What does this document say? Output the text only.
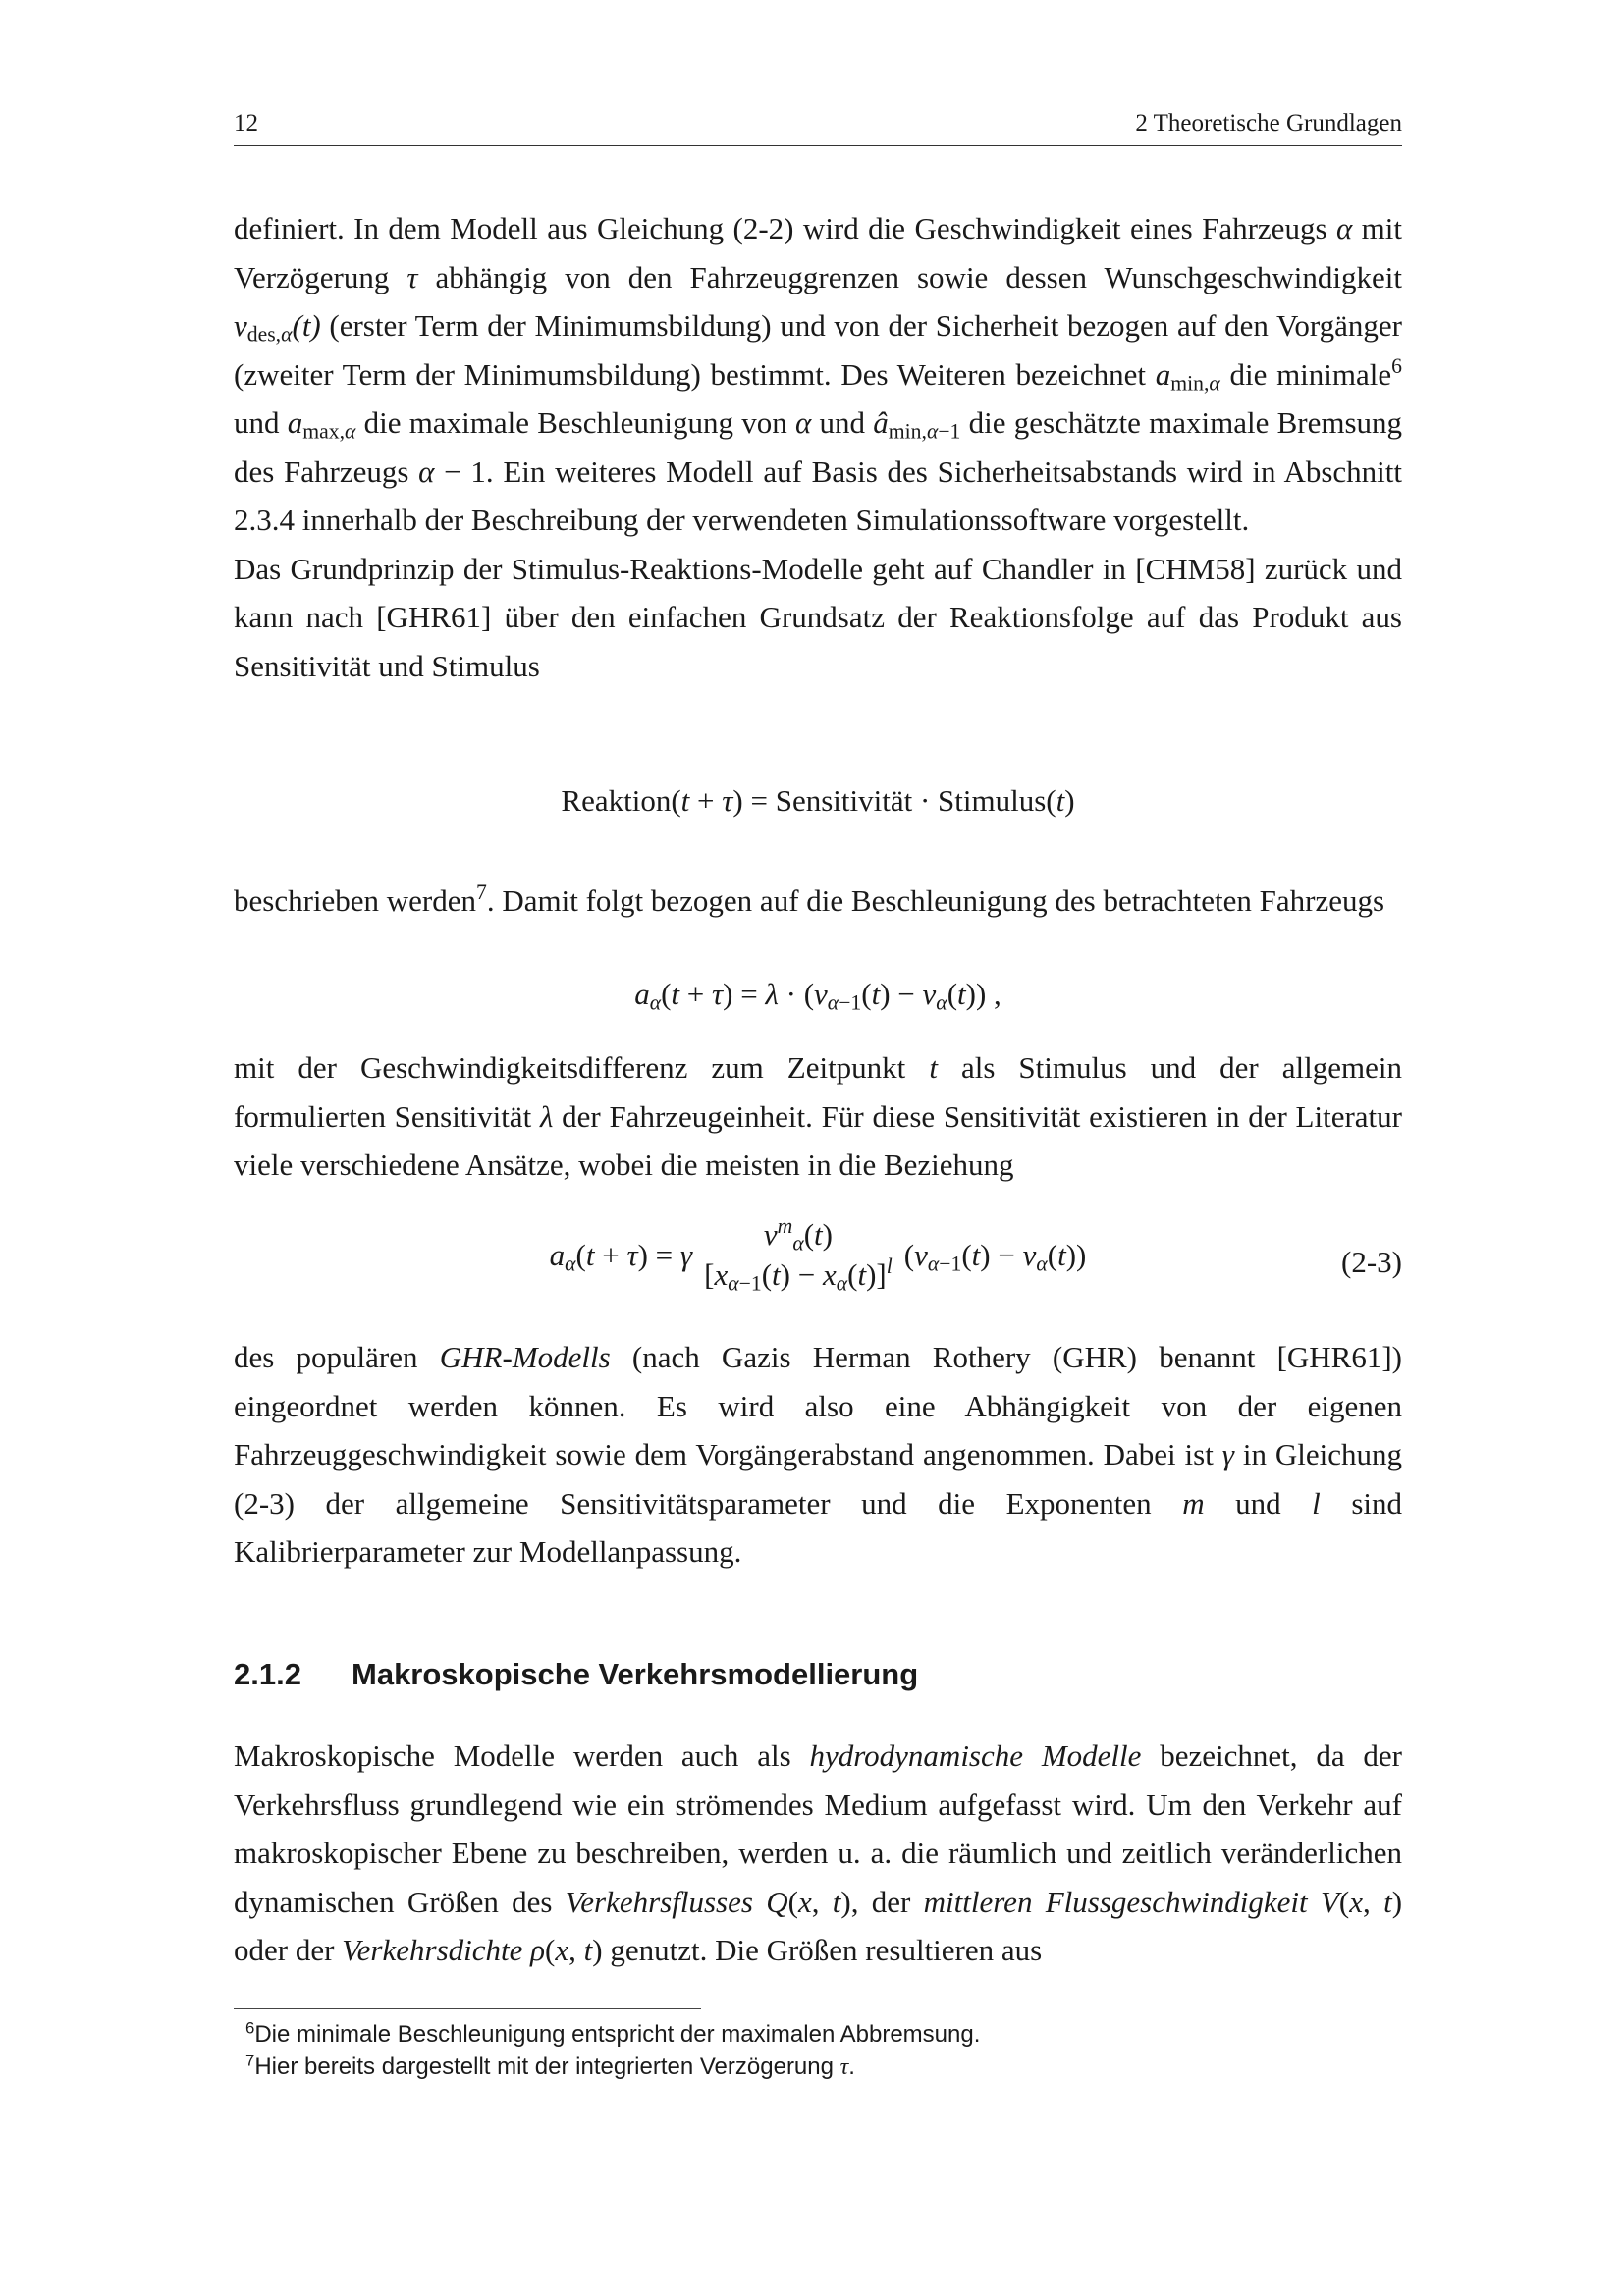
12	2 Theoretische Grundlagen

definiert. In dem Modell aus Gleichung (2-2) wird die Geschwindigkeit eines Fahrzeugs α mit Verzögerung τ abhängig von den Fahrzeuggrenzen sowie dessen Wunschgeschwindigkeit $v_{des,\alpha}(t)$ (erster Term der Minimumsbildung) und von der Sicherheit bezogen auf den Vorgänger (zweiter Term der Minimumsbildung) bestimmt. Des Weiteren bezeichnet $a_{min,\alpha}$ die minimale$^6$ und $a_{max,\alpha}$ die maximale Beschleunigung von α und $â_{min,\alpha-1}$ die geschätzte maximale Bremsung des Fahrzeugs α − 1. Ein weiteres Modell auf Basis des Sicherheitsabstands wird in Abschnitt 2.3.4 innerhalb der Beschreibung der verwendeten Simulationssoftware vorgestellt.

Das Grundprinzip der Stimulus-Reaktions-Modelle geht auf Chandler in [CHM58] zurück und kann nach [GHR61] über den einfachen Grundsatz der Reaktionsfolge auf das Produkt aus Sensitivität und Stimulus

Reaktion(t + τ) = Sensitivität · Stimulus(t)

beschrieben werden$^7$. Damit folgt bezogen auf die Beschleunigung des betrachteten Fahrzeugs

$a_\alpha(t + \tau) = \lambda \cdot (v_{\alpha-1}(t) - v_\alpha(t))$ ,

mit der Geschwindigkeitsdifferenz zum Zeitpunkt t als Stimulus und der allgemein formulierten Sensitivität λ der Fahrzeugeinheit. Für diese Sensitivität existieren in der Literatur viele verschiedene Ansätze, wobei die meisten in die Beziehung

$a_\alpha(t + \tau) = \gamma \frac{v^m_\alpha(t)}{[x_{\alpha-1}(t) - x_\alpha(t)]^l} (v_{\alpha-1}(t) - v_\alpha(t))$	(2-3)

des populären GHR-Modells (nach Gazis Herman Rothery (GHR) benannt [GHR61]) eingeordnet werden können. Es wird also eine Abhängigkeit von der eigenen Fahrzeuggeschwindigkeit sowie dem Vorgängerabstand angenommen. Dabei ist γ in Gleichung (2-3) der allgemeine Sensitivitätsparameter und die Exponenten m und l sind Kalibrierparameter zur Modellanpassung.

2.1.2 Makroskopische Verkehrsmodellierung

Makroskopische Modelle werden auch als hydrodynamische Modelle bezeichnet, da der Verkehrsfluss grundlegend wie ein strömendes Medium aufgefasst wird. Um den Verkehr auf makroskopischer Ebene zu beschreiben, werden u. a. die räumlich und zeitlich veränderlichen dynamischen Größen des Verkehrsflusses Q(x, t), der mittleren Flussgeschwindigkeit V(x, t) oder der Verkehrsdichte ρ(x, t) genutzt. Die Größen resultieren aus

$^6$Die minimale Beschleunigung entspricht der maximalen Abbremsung.
$^7$Hier bereits dargestellt mit der integrierten Verzögerung τ.
